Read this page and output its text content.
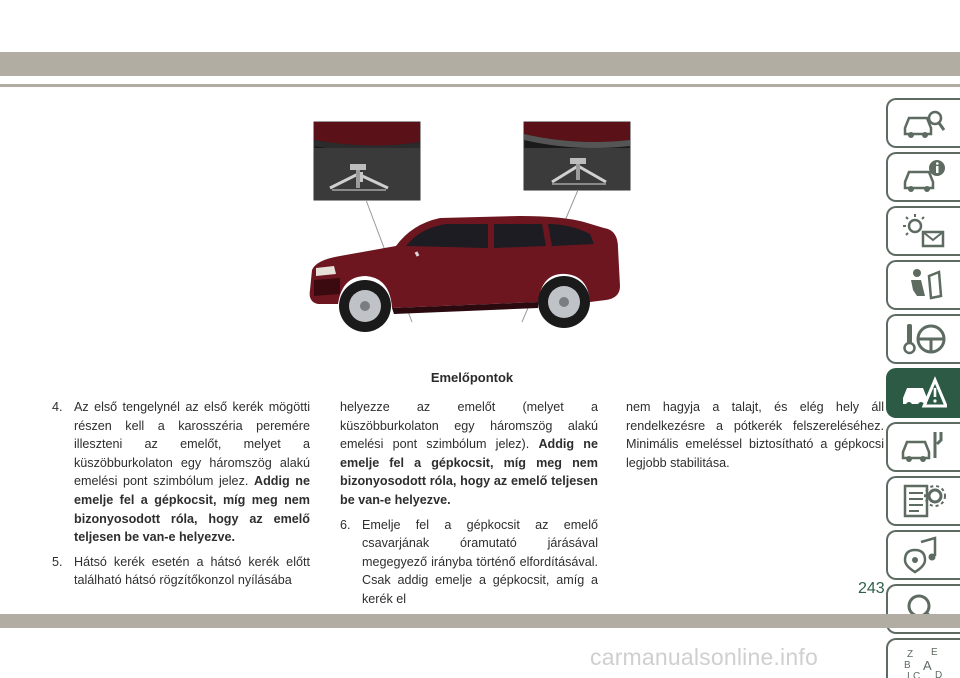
Emelőpontok
4. Az első tengelynél az első kerék mögötti részen kell a karosszéria peremére illeszteni az emelőt, melyet a küszöbburkolaton egy háromszög alakú emelési pont szimbólum jelez. Addig ne emelje fel a gépkocsit, míg meg nem bizonyosodott róla, hogy az emelő teljesen be van-e helyezve.
5. Hátsó kerék esetén a hátsó kerék előtt található hátsó rögzítőkonzol nyílásába
helyezze az emelőt (melyet a küszöbburkolaton egy háromszög alakú emelési pont szimbólum jelez). Addig ne emelje fel a gépkocsit, míg meg nem bizonyosodott róla, hogy az emelő teljesen be van-e helyezve.
6. Emelje fel a gépkocsit az emelő csavarjának óramutató járásával megegyező irányba történő elfordításával. Csak addig emelje a gépkocsit, amíg a kerék el
nem hagyja a talajt, és elég hely áll rendelkezésre a pótkerék felszereléséhez. Minimális emeléssel biztosítható a gépkocsi legjobb stabilitása.
Z E
B A
C D
I
243
carmanualsonline.info
